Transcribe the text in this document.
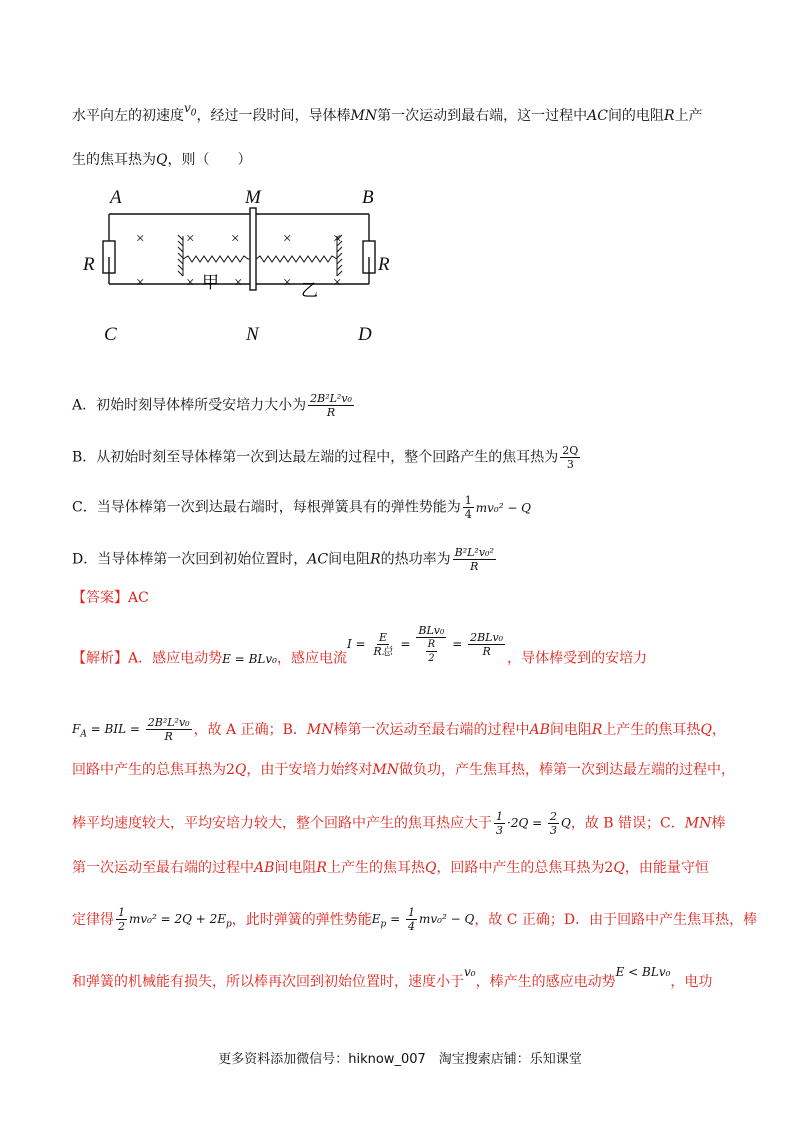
水平向左的初速度$v_0$，经过一段时间，导体棒MN第一次运动到最右端，这一过程中AC间的电阻R上产
生的焦耳热为Q，则（　　）
×
×
× ×
×	×
×	×
×	×
甲	乙
A	M	B
R	R
C	N	D
A．初始时刻导体棒所受安培力大小为 $\frac{\text{2B²L²v₀}}{R}$
B．从初始时刻至导体棒第一次到达最左端的过程中，整个回路产生的焦耳热为 $\frac{2Q}{3}$
C．当导体棒第一次到达最右端时，每根弹簧具有的弹性势能为 $\frac{1}{4} mv_0^2 - Q$
D．当导体棒第一次回到初始位置时，AC间电阻R的热功率为 $\frac{\text{B²L²v₀²}}{R}$
【答案】AC
【解析】A．感应电动势E = BLv₀，感应电流$I = \frac{E}{\text{R总}} = \frac{\text{BLv₀}}{\frac{R}{2}} = \frac{\text{2BLv₀}}{R}$
，导体棒受到的安培力
$F_A$ = BIL = $\frac{\text{2B²L²v₀}}{R}$ ，故 A 正确；B．MN棒第一次运动至最右端的过程中AB间电阻R上产生的焦耳热Q，
回路中产生的总焦耳热为2Q，由于安培力始终对MN做负功，产生焦耳热，棒第一次到达最左端的过程中，
棒平均速度较大，平均安培力较大，整个回路中产生的焦耳热应大于 $\frac{1}{3} \cdot 2Q = \frac{2}{3}$ Q，故 B 错误；C．MN棒
第一次运动至最右端的过程中AB间电阻R上产生的焦耳热Q，回路中产生的总焦耳热为2Q，由能量守恒
定律得 $\frac{1}{2} mv_0^2 = 2Q + 2E_p$，此时弹簧的弹性势能$E_p = \frac{1}{4} mv_0^2 - Q$，故 C 正确；D．由于回路中产生焦耳热，棒
和弹簧的机械能有损失，所以棒再次回到初始位置时，速度小于v₀，棒产生的感应电动势E < BLv₀，电功
更多资料添加微信号：hiknow_007　淘宝搜索店铺：乐知课堂
